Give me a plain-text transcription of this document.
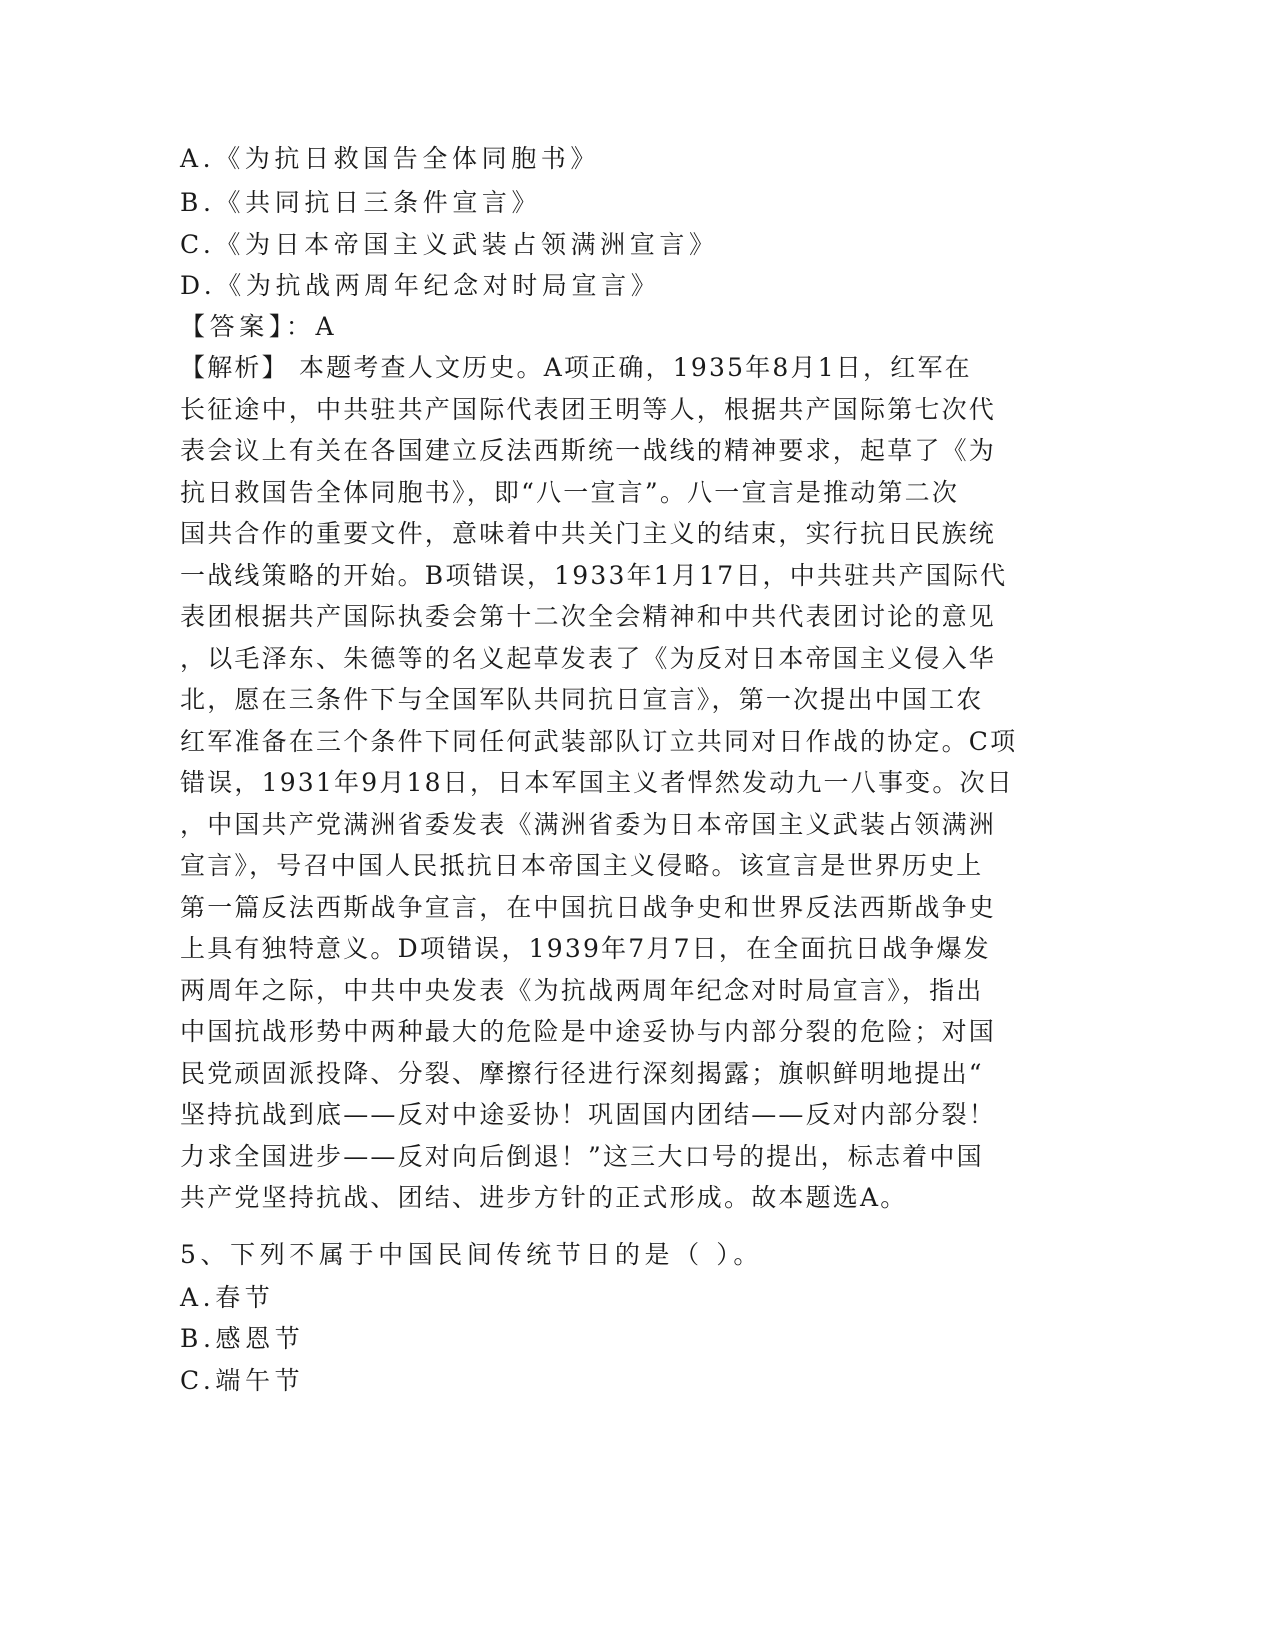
A.《为抗日救国告全体同胞书》
B.《共同抗日三条件宣言》
C.《为日本帝国主义武装占领满洲宣言》
D.《为抗战两周年纪念对时局宣言》
【答案】：A
【解析】 本题考查人文历史。A项正确，1935年8月1日，红军在
长征途中，中共驻共产国际代表团王明等人，根据共产国际第七次代
表会议上有关在各国建立反法西斯统一战线的精神要求，起草了《为
抗日救国告全体同胞书》，即“八一宣言”。八一宣言是推动第二次
国共合作的重要文件，意味着中共关门主义的结束，实行抗日民族统
一战线策略的开始。B项错误，1933年1月17日，中共驻共产国际代
表团根据共产国际执委会第十二次全会精神和中共代表团讨论的意见
，以毛泽东、朱德等的名义起草发表了《为反对日本帝国主义侵入华
北，愿在三条件下与全国军队共同抗日宣言》，第一次提出中国工农
红军准备在三个条件下同任何武装部队订立共同对日作战的协定。C项
错误，1931年9月18日，日本军国主义者悍然发动九一八事变。次日
，中国共产党满洲省委发表《满洲省委为日本帝国主义武装占领满洲
宣言》，号召中国人民抵抗日本帝国主义侵略。该宣言是世界历史上
第一篇反法西斯战争宣言，在中国抗日战争史和世界反法西斯战争史
上具有独特意义。D项错误，1939年7月7日，在全面抗日战争爆发
两周年之际，中共中央发表《为抗战两周年纪念对时局宣言》，指出
中国抗战形势中两种最大的危险是中途妥协与内部分裂的危险；对国
民党顽固派投降、分裂、摩擦行径进行深刻揭露；旗帜鲜明地提出“
坚持抗战到底——反对中途妥协！巩固国内团结——反对内部分裂！
力求全国进步——反对向后倒退！”这三大口号的提出，标志着中国
共产党坚持抗战、团结、进步方针的正式形成。故本题选A。
5、下列不属于中国民间传统节日的是（ ）。
A.春节
B.感恩节
C.端午节
